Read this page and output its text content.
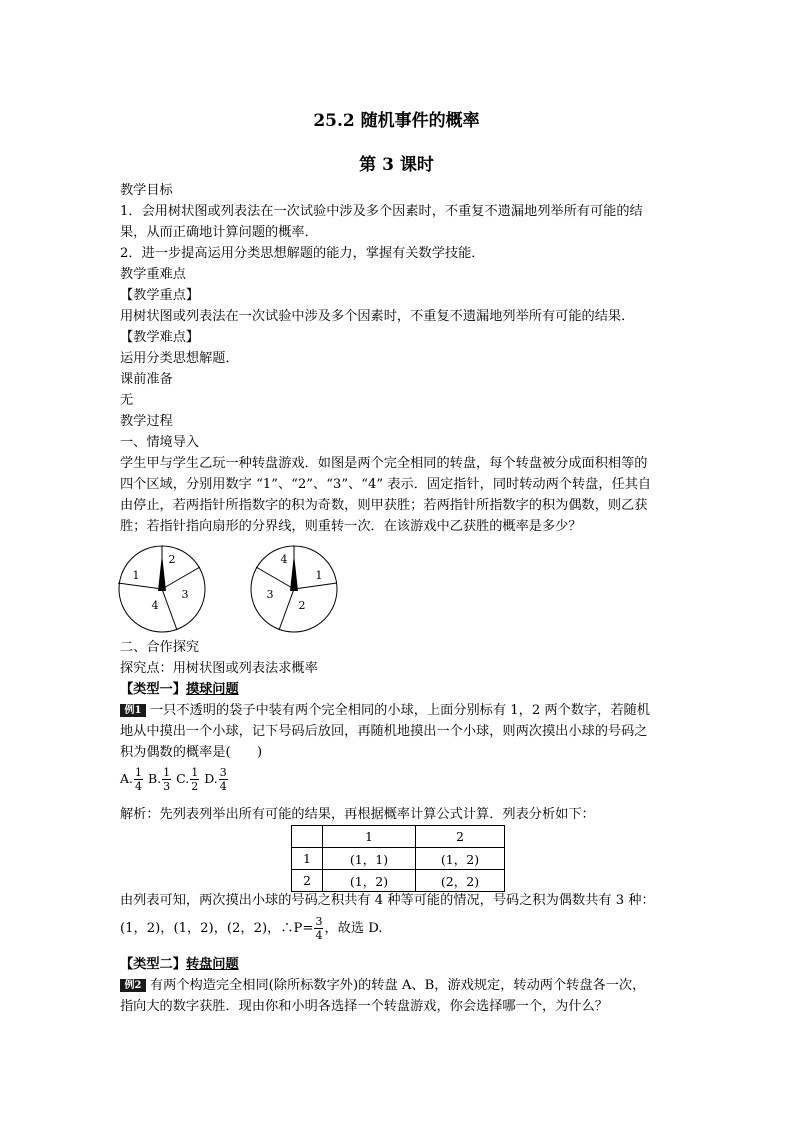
25.2 随机事件的概率
第 3 课时
教学目标
1．会用树状图或列表法在一次试验中涉及多个因素时，不重复不遗漏地列举所有可能的结
果，从而正确地计算问题的概率．
2．进一步提高运用分类思想解题的能力，掌握有关数学技能．
教学重难点
【教学重点】
用树状图或列表法在一次试验中涉及多个因素时，不重复不遗漏地列举所有可能的结果．
【教学难点】
运用分类思想解题．
课前准备
无
教学过程
一、情境导入
学生甲与学生乙玩一种转盘游戏．如图是两个完全相同的转盘，每个转盘被分成面积相等的
四个区域，分别用数字 “1”、“2”、“3”、“4” 表示．固定指针，同时转动两个转盘，任其自
由停止，若两指针所指数字的积为奇数，则甲获胜；若两指针所指数字的积为偶数，则乙获
胜；若指针指向扇形的分界线，则重转一次．在该游戏中乙获胜的概率是多少？
1
2
3
4
4
1
2
3
二、合作探究
探究点：用树状图或列表法求概率
【类型一】摸球问题
例1 一只不透明的袋子中装有两个完全相同的小球，上面分别标有 1，2 两个数字，若随机
地从中摸出一个小球，记下号码后放回，再随机地摸出一个小球，则两次摸出小球的号码之
积为偶数的概率是(　　)
A. $\frac{1}{4} B$. $\frac{1}{3} C$. $\frac{1}{2} D$. $\frac{3}{4}$
解析：先列表列举出所有可能的结果，再根据概率计算公式计算．列表分析如下：
	1	2
1	(1，1)	(1，2)
2	(1，2)	(2，2)
由列表可知，两次摸出小球的号码之积共有 4 种等可能的情况，号码之积为偶数共有 3 种：
(1，2)，(1，2)，(2，2)，∴P= $\frac{3}{4}$ ，故选 D.
【类型二】转盘问题
例2 有两个构造完全相同(除所标数字外)的转盘 A、B，游戏规定，转动两个转盘各一次，
指向大的数字获胜．现由你和小明各选择一个转盘游戏，你会选择哪一个，为什么？
